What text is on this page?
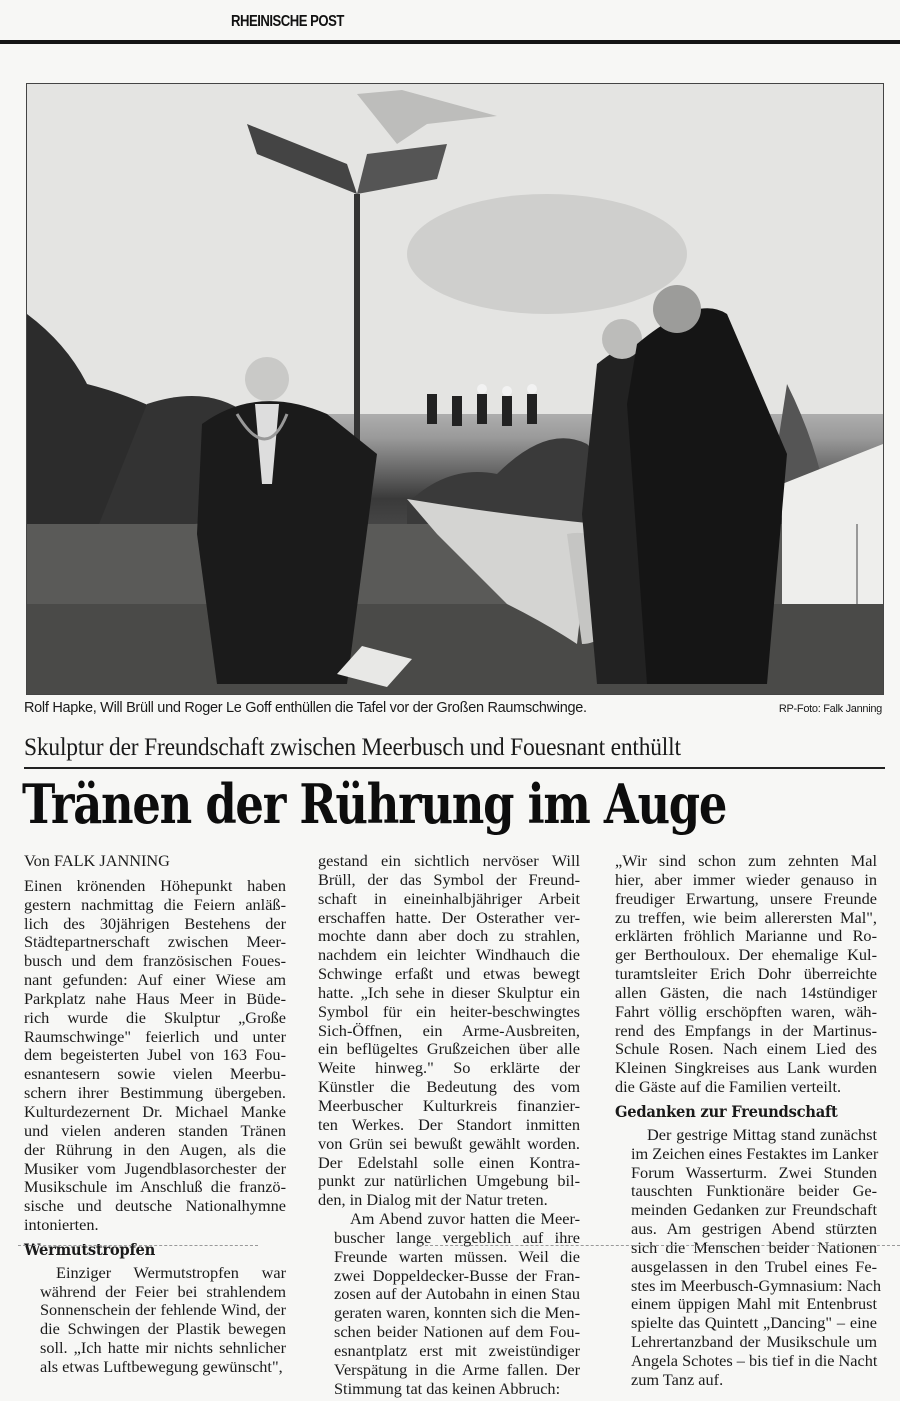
RHEINISCHE POST
Rolf Hapke, Will Brüll und Roger Le Goff enthüllen die Tafel vor der Großen Raumschwinge.	RP-Foto: Falk Janning
Skulptur der Freundschaft zwischen Meerbusch und Fouesnant enthüllt
Tränen der Rührung im Auge

Von FALK JANNING

Einen krönenden Höhepunkt haben
gestern nachmittag die Feiern anläß-
lich des 30jährigen Bestehens der
Städtepartnerschaft zwischen Meer-
busch und dem französischen Foues-
nant gefunden: Auf einer Wiese am
Parkplatz nahe Haus Meer in Büde-
rich wurde die Skulptur „Große
Raumschwinge" feierlich und unter
dem begeisterten Jubel von 163 Fou-
esnantesern sowie vielen Meerbu-
schern ihrer Bestimmung übergeben.
Kulturdezernent Dr. Michael Manke
und vielen anderen standen Tränen
der Rührung in den Augen, als die
Musiker vom Jugendblasorchester der
Musikschule im Anschluß die franzö-
sische und deutsche Nationalhymne
intonierten.

Wermutstropfen

Einziger Wermutstropfen war
während der Feier bei strahlendem
Sonnenschein der fehlende Wind, der
die Schwingen der Plastik bewegen
soll. „Ich hatte mir nichts sehnlicher
als etwas Luftbewegung gewünscht",

gestand ein sichtlich nervöser Will
Brüll, der das Symbol der Freund-
schaft in eineinhalbjähriger Arbeit
erschaffen hatte. Der Osterather ver-
mochte dann aber doch zu strahlen,
nachdem ein leichter Windhauch die
Schwinge erfaßt und etwas bewegt
hatte. „Ich sehe in dieser Skulptur ein
Symbol für ein heiter-beschwingtes
Sich-Öffnen, ein Arme-Ausbreiten,
ein beflügeltes Grußzeichen über alle
Weite hinweg." So erklärte der
Künstler die Bedeutung des vom
Meerbuscher Kulturkreis finanzier-
ten Werkes. Der Standort inmitten
von Grün sei bewußt gewählt worden.
Der Edelstahl solle einen Kontra-
punkt zur natürlichen Umgebung bil-
den, in Dialog mit der Natur treten.

Am Abend zuvor hatten die Meer-
buscher lange vergeblich auf ihre
Freunde warten müssen. Weil die
zwei Doppeldecker-Busse der Fran-
zosen auf der Autobahn in einen Stau
geraten waren, konnten sich die Men-
schen beider Nationen auf dem Fou-
esnantplatz erst mit zweistündiger
Verspätung in die Arme fallen. Der
Stimmung tat das keinen Abbruch:

„Wir sind schon zum zehnten Mal
hier, aber immer wieder genauso in
freudiger Erwartung, unsere Freunde
zu treffen, wie beim allerersten Mal",
erklärten fröhlich Marianne und Ro-
ger Berthouloux. Der ehemalige Kul-
turamtsleiter Erich Dohr überreichte
allen Gästen, die nach 14stündiger
Fahrt völlig erschöpften waren, wäh-
rend des Empfangs in der Martinus-
Schule Rosen. Nach einem Lied des
Kleinen Singkreises aus Lank wurden
die Gäste auf die Familien verteilt.

Gedanken zur Freundschaft

Der gestrige Mittag stand zunächst
im Zeichen eines Festaktes im Lanker
Forum Wasserturm. Zwei Stunden
tauschten Funktionäre beider Ge-
meinden Gedanken zur Freundschaft
aus. Am gestrigen Abend stürzten
sich die Menschen beider Nationen
ausgelassen in den Trubel eines Fe-
stes im Meerbusch-Gymnasium: Nach
einem üppigen Mahl mit Entenbrust
spielte das Quintett „Dancing" – eine
Lehrertanzband der Musikschule um
Angela Schotes – bis tief in die Nacht
zum Tanz auf.
